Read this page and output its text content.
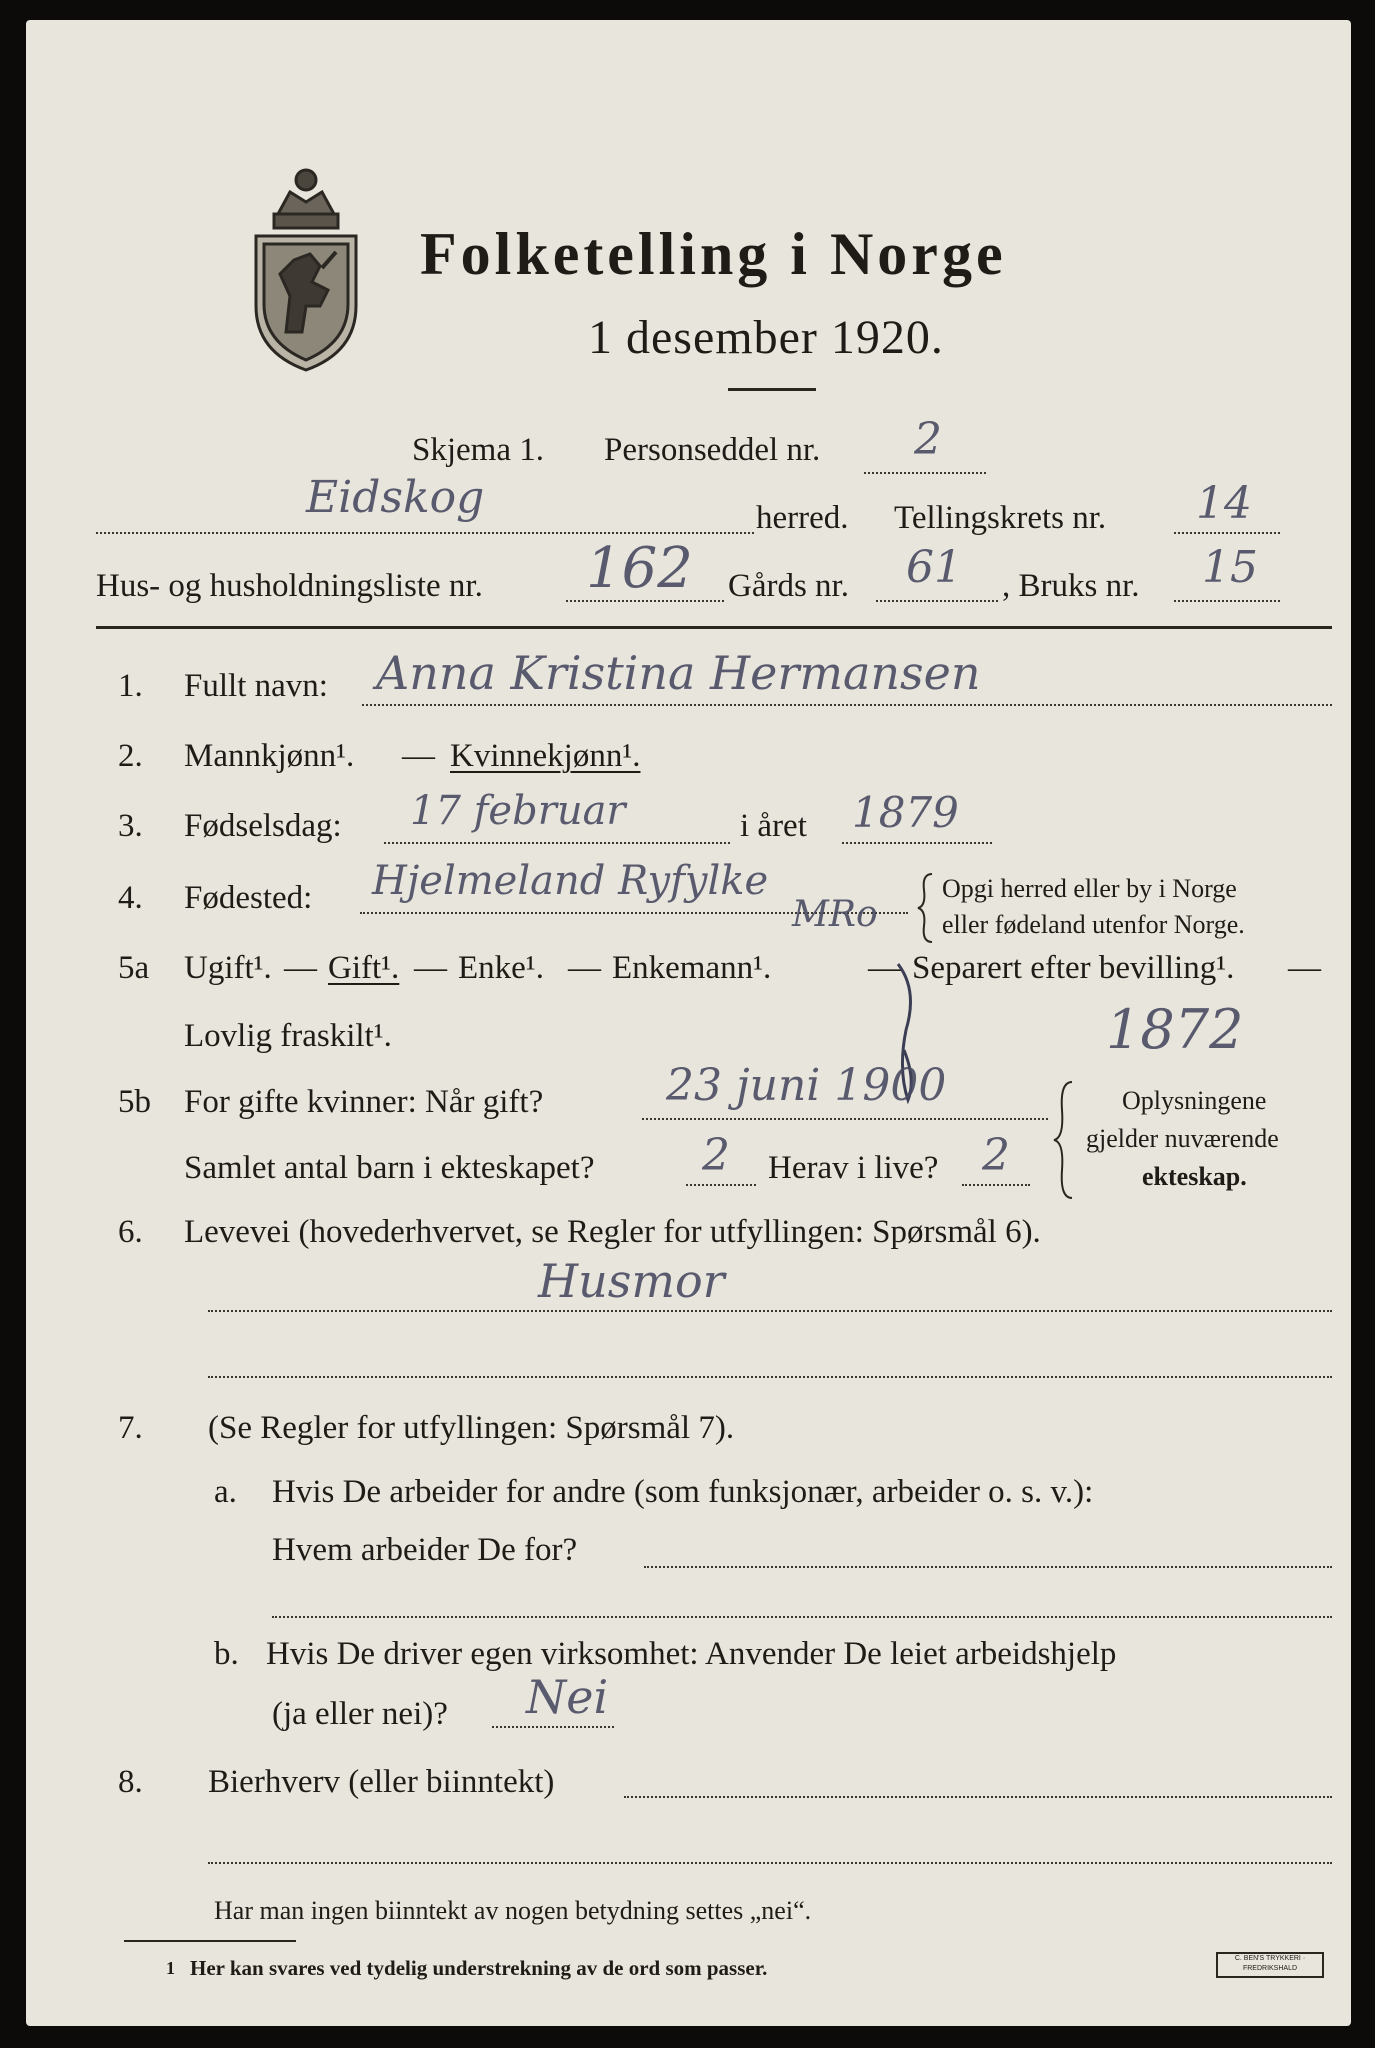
Folketelling i Norge
1 desember 1920.
Skjema 1. Personseddel nr. 2
Eidskog	herred. Tellingskrets nr. 14
Hus- og husholdningsliste nr. 162 Gårds nr. 61 , Bruks nr. 15
1. Fullt navn: Anna Kristina Hermansen
2. Mannkjønn¹. — Kvinnekjønn¹.
3. Fødselsdag: 17 februar	i året 1879
4. Fødested: Hjelmeland Ryfylke	Opgi herred eller by i Norge
eller fødeland utenfor Norge.
MRo
5a Ugift¹. — Gift¹. — Enke¹. — Enkemann¹.	— Separert efter bevilling¹. —
Lovlig fraskilt¹.	1872
5b For gifte kvinner: Når gift?	23 juni 1900
Samlet antal barn i ekteskapet? 2 Herav i live? 2
Oplysningene
gjelder nuværende
ekteskap.
6. Levevei (hovederhvervet, se Regler for utfyllingen: Spørsmål 6).
Husmor
7. (Se Regler for utfyllingen: Spørsmål 7).
a. Hvis De arbeider for andre (som funksjonær, arbeider o. s. v.):
Hvem arbeider De for?
b. Hvis De driver egen virksomhet: Anvender De leiet arbeidshjelp
(ja eller nei)? Nei
8. Bierhverv (eller biinntekt)
Har man ingen biinntekt av nogen betydning settes „nei“.
1 Her kan svares ved tydelig understrekning av de ord som passer.	C. BEN'S TRYKKERI · FREDRIKSHALD
